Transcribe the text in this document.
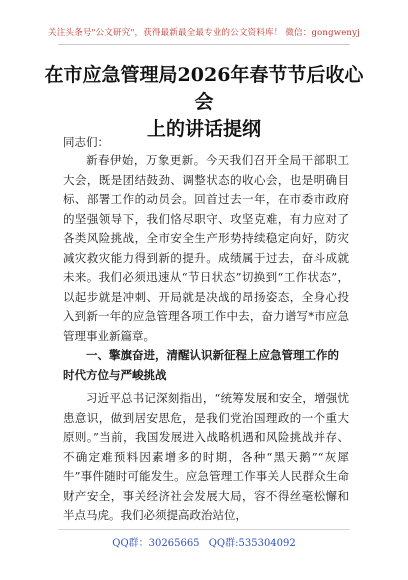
关注头条号"公文研究"，获得最新最全最专业的公文资料库！ 微信：gongwenyj
在市应急管理局2026年春节节后收心会
上的讲话提纲
同志们：

新春伊始，万象更新。今天我们召开全局干部职工大会，既是团结鼓劲、调整状态的收心会，也是明确目标、部署工作的动员会。回首过去一年，在市委市政府的坚强领导下，我们恪尽职守、攻坚克难，有力应对了各类风险挑战，全市安全生产形势持续稳定向好，防灾减灾救灾能力得到新的提升。成绩属于过去，奋斗成就未来。我们必须迅速从“节日状态”切换到“工作状态”，以起步就是冲刺、开局就是决战的昂扬姿态，全身心投入到新一年的应急管理各项工作中去，奋力谱写*市应急管理事业新篇章。

一、擎旗奋进，清醒认识新征程上应急管理工作的时代方位与严峻挑战

习近平总书记深刻指出，“统筹发展和安全，增强忧患意识，做到居安思危，是我们党治国理政的一个重大原则。”当前，我国发展进入战略机遇和风险挑战并存、不确定难预料因素增多的时期，各种“黑天鹅”“灰犀牛”事件随时可能发生。应急管理工作事关人民群众生命财产安全，事关经济社会发展大局，容不得丝毫松懈和半点马虎。我们必须提高政治站位，

QQ群：30265665 QQ群:535304092
